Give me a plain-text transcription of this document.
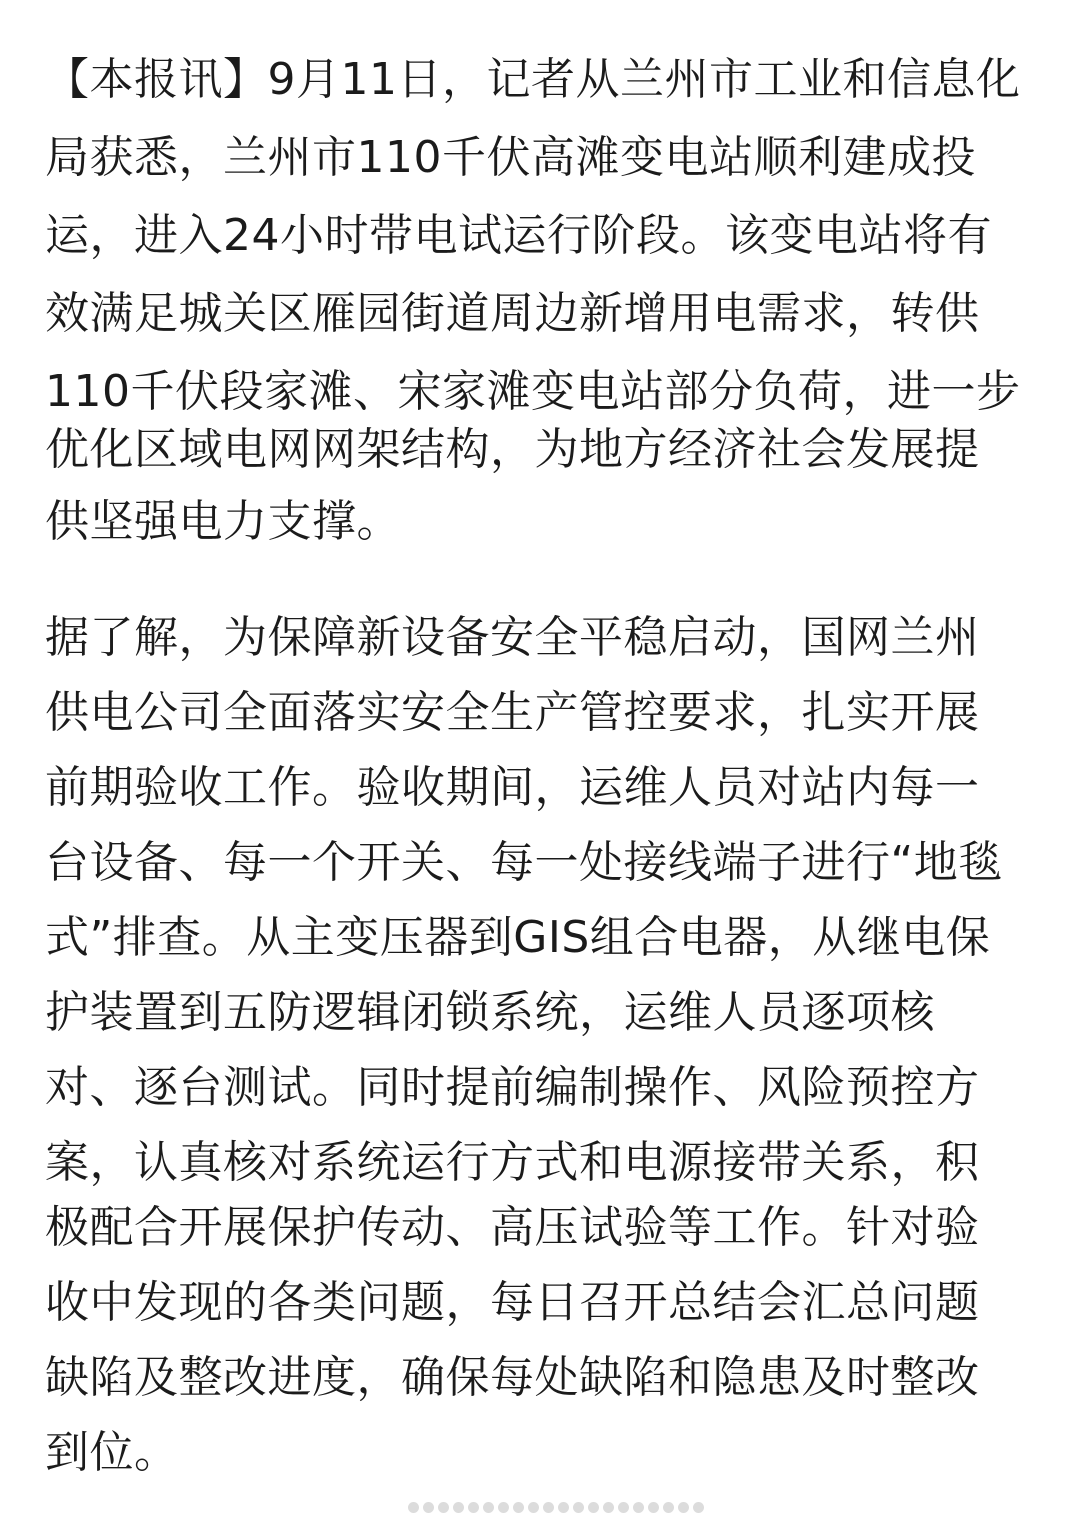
【本报讯】9月11日，记者从兰州市工业和信息化
局获悉，兰州市110千伏高滩变电站顺利建成投
运，进入24小时带电试运行阶段。该变电站将有
效满足城关区雁园街道周边新增用电需求，转供
110千伏段家滩、宋家滩变电站部分负荷，进一步
优化区域电网网架结构，为地方经济社会发展提
供坚强电力支撑。
据了解，为保障新设备安全平稳启动，国网兰州
供电公司全面落实安全生产管控要求，扎实开展
前期验收工作。验收期间，运维人员对站内每一
台设备、每一个开关、每一处接线端子进行“地毯
式”排查。从主变压器到GIS组合电器，从继电保
护装置到五防逻辑闭锁系统，运维人员逐项核
对、逐台测试。同时提前编制操作、风险预控方
案，认真核对系统运行方式和电源接带关系，积
极配合开展保护传动、高压试验等工作。针对验
收中发现的各类问题，每日召开总结会汇总问题
缺陷及整改进度，确保每处缺陷和隐患及时整改
到位。
